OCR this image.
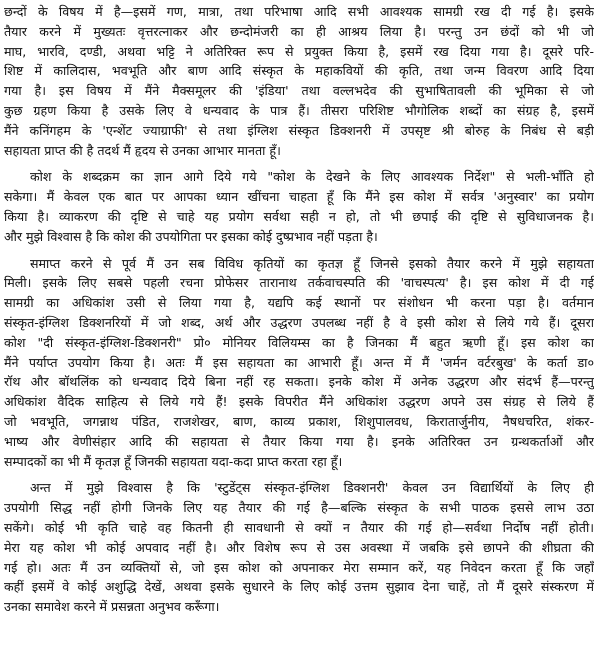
छन्दों के विषय में है—इसमें गण, मात्रा, तथा परिभाषा आदि सभी आवश्यक सामग्री रख दी गई है। इसके
तैयार करने में मुख्यतः वृत्तरत्नाकर और छन्दोमंजरी का ही आश्रय लिया है। परन्तु उन छंदों को भी जो
माघ, भारवि, दण्डी, अथवा भट्टि ने अतिरिक्त रूप से प्रयुक्त किया है, इसमें रख दिया गया है। दूसरे परि-
शिष्ट में कालिदास, भवभूति और बाण आदि संस्कृत के महाकवियों की कृति, तथा जन्म विवरण आदि दिया
गया है। इस विषय में मैंने मैक्समूलर की 'इंडिया' तथा वल्लभदेव की सुभाषितावली की भूमिका से जो
कुछ ग्रहण किया है उसके लिए वे धन्यवाद के पात्र हैं। तीसरा परिशिष्ट भौगोलिक शब्दों का संग्रह है, इसमें
मैंने कनिंगहम के 'एन्शेंट ज्याग्राफी' से तथा इंग्लिश संस्कृत डिक्शनरी में उपसृष्ट श्री बोरुह के निबंध से बड़ी
सहायता प्राप्त की है तदर्थ मैं हृदय से उनका आभार मानता हूँ।
कोश के शब्दक्रम का ज्ञान आगे दिये गये "कोश के देखने के लिए आवश्यक निर्देश" से भली-भाँति हो
सकेगा। मैं केवल एक बात पर आपका ध्यान खींचना चाहता हूँ कि मैंने इस कोश में सर्वत्र 'अनुस्वार' का प्रयोग
किया है। व्याकरण की दृष्टि से चाहे यह प्रयोग सर्वथा सही न हो, तो भी छपाई की दृष्टि से सुविधाजनक है।
और मुझे विश्वास है कि कोश की उपयोगिता पर इसका कोई दुष्प्रभाव नहीं पड़ता है।
समाप्त करने से पूर्व मैं उन सब विविध कृतियों का कृतज्ञ हूँ जिनसे इसको तैयार करने में मुझे सहायता
मिली। इसके लिए सबसे पहली रचना प्रोफेसर तारानाथ तर्कवाचस्पति की 'वाचस्पत्य' है। इस कोश में दी गई
सामग्री का अधिकांश उसी से लिया गया है, यद्यपि कई स्थानों पर संशोधन भी करना पड़ा है। वर्तमान
संस्कृत-इंग्लिश डिक्शनरियों में जो शब्द, अर्थ और उद्धरण उपलब्ध नहीं है वे इसी कोश से लिये गये हैं। दूसरा
कोश "दी संस्कृत-इंग्लिश-डिक्शनरी" प्रो० मोनियर विलियम्स का है जिनका मैं बहुत ऋणी हूँ। इस कोश का
मैंने पर्याप्त उपयोग किया है। अतः मैं इस सहायता का आभारी हूँ। अन्त में मैं 'जर्मन वर्टरबुख' के कर्ता डा०
रॉथ और बॉथलिंक को धन्यवाद दिये बिना नहीं रह सकता। इनके कोश में अनेक उद्धरण और संदर्भ हैं—परन्तु
अधिकांश वैदिक साहित्य से लिये गये हैं! इसके विपरीत मैंने अधिकांश उद्धरण अपने उस संग्रह से लिये हैं
जो भवभूति, जगन्नाथ पंडित, राजशेखर, बाण, काव्य प्रकाश, शिशुपालवध, किरातार्जुनीय, नैषधचरित, शंकर-
भाष्य और वेणीसंहार आदि की सहायता से तैयार किया गया है। इनके अतिरिक्त उन ग्रन्थकर्ताओं और
सम्पादकों का भी मैं कृतज्ञ हूँ जिनकी सहायता यदा-कदा प्राप्त करता रहा हूँ।
अन्त में मुझे विश्वास है कि 'स्टुडेंट्स संस्कृत-इंग्लिश डिक्शनरी' केवल उन विद्यार्थियों के लिए ही
उपयोगी सिद्ध नहीं होगी जिनके लिए यह तैयार की गई है—बल्कि संस्कृत के सभी पाठक इससे लाभ उठा
सकेंगे। कोई भी कृति चाहे वह कितनी ही सावधानी से क्यों न तैयार की गई हो—सर्वथा निर्दोष नहीं होती।
मेरा यह कोश भी कोई अपवाद नहीं है। और विशेष रूप से उस अवस्था में जबकि इसे छापने की शीघ्रता की
गई हो। अतः मैं उन व्यक्तियों से, जो इस कोश को अपनाकर मेरा सम्मान करें, यह निवेदन करता हूँ कि जहाँ
कहीं इसमें वे कोई अशुद्धि देखें, अथवा इसके सुधारने के लिए कोई उत्तम सुझाव देना चाहें, तो मैं दूसरे संस्करण में
उनका समावेश करने में प्रसन्नता अनुभव करूँगा।
